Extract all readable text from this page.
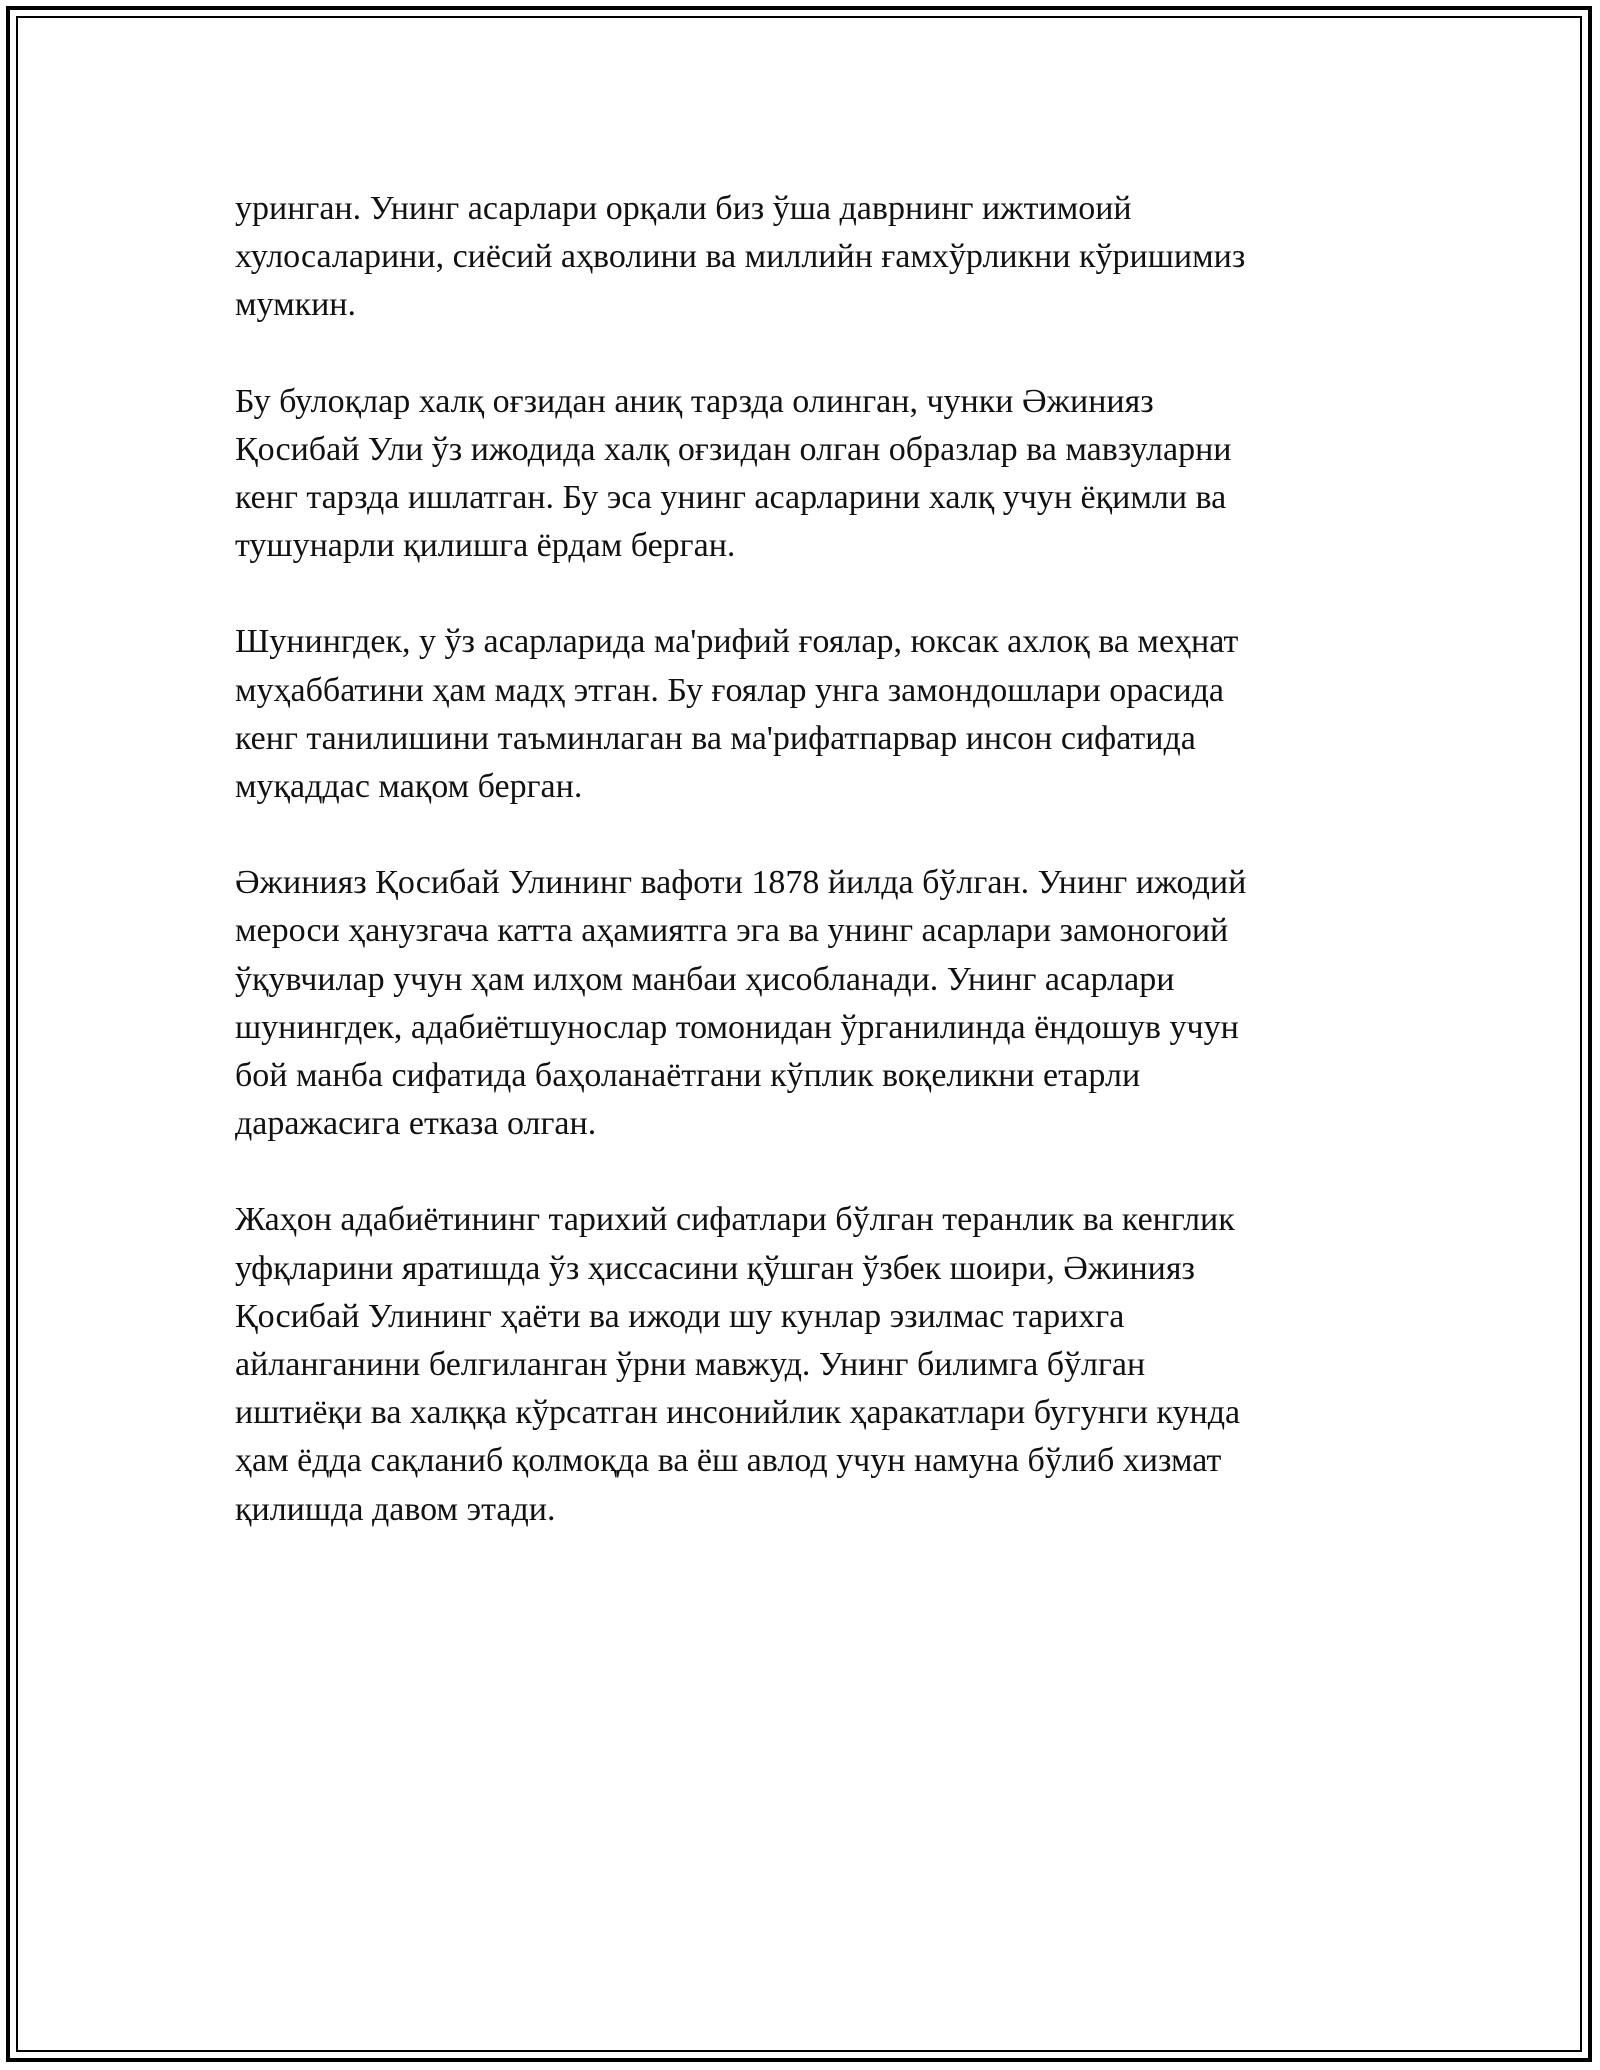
уринган. Унинг асарлари орқали биз ўша даврнинг ижтимоий
хулосаларини, сиёсий аҳволини ва миллийн ғамхўрликни кўришимиз
мумкин.

Бу булоқлар халқ оғзидан аниқ тарзда олинган, чунки Әжинияз
Қосибай Ули ўз ижодида халқ оғзидан олган образлар ва мавзуларни
кенг тарзда ишлатган. Бу эса унинг асарларини халқ учун ёқимли ва
тушунарли қилишга ёрдам берган.

Шунингдек, у ўз асарларида ма'рифий ғоялар, юксак ахлоқ ва меҳнат
муҳаббатини ҳам мадҳ этган. Бу ғоялар унга замондошлари орасида
кенг танилишини таъминлаган ва ма'рифатпарвар инсон сифатида
муқаддас мақом берган.

Әжинияз Қосибай Улининг вафоти 1878 йилда бўлган. Унинг ижодий
мероси ҳанузгача катта аҳамиятга эга ва унинг асарлари замоногоий
ўқувчилар учун ҳам илҳом манбаи ҳисобланади. Унинг асарлари
шунингдек, адабиётшунослар томонидан ўрганилинда ёндошув учун
бой манба сифатида баҳоланаётгани кўплик воқеликни етарли
даражасига етказа олган.

Жаҳон адабиётининг тарихий сифатлари бўлган теранлик ва кенглик
уфқларини яратишда ўз ҳиссасини қўшган ўзбек шоири, Әжинияз
Қосибай Улининг ҳаёти ва ижоди шу кунлар эзилмас тарихга
айланганини белгиланган ўрни мавжуд. Унинг билимга бўлган
иштиёқи ва халққа кўрсатган инсонийлик ҳаракатлари бугунги кунда
ҳам ёдда сақланиб қолмоқда ва ёш авлод учун намуна бўлиб хизмат
қилишда давом этади.
